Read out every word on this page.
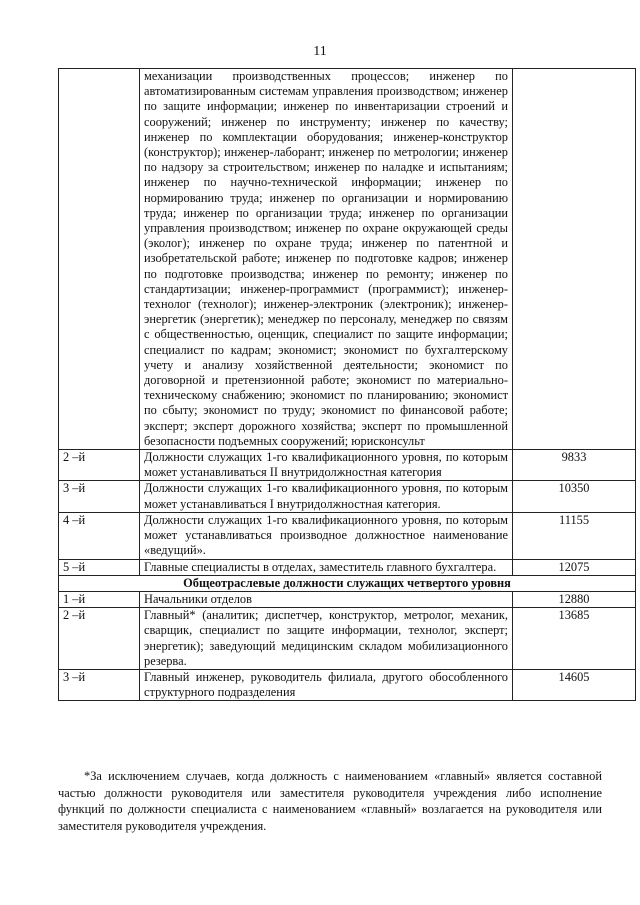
11
	механизации производственных процессов; инженер по автоматизированным системам управления производством; инженер по защите информации; инженер по инвентаризации строений и сооружений; инженер по инструменту; инженер по качеству; инженер по комплектации оборудования; инженер-конструктор (конструктор); инженер-лаборант; инженер по метрологии; инженер по надзору за строительством; инженер по наладке и испытаниям; инженер по научно-технической информации; инженер по нормированию труда; инженер по организации и нормированию труда; инженер по организации труда; инженер по организации управления производством; инженер по охране окружающей среды (эколог); инженер по охране труда; инженер по патентной и изобретательской работе; инженер по подготовке кадров; инженер по подготовке производства; инженер по ремонту; инженер по стандартизации; инженер-программист (программист); инженер-технолог (технолог); инженер-электроник (электроник); инженер-энергетик (энергетик); менеджер по персоналу, менеджер по связям с общественностью, оценщик, специалист по защите информации; специалист по кадрам; экономист; экономист по бухгалтерскому учету и анализу хозяйственной деятельности; экономист по договорной и претензионной работе; экономист по материально-техническому снабжению; экономист по планированию; экономист по сбыту; экономист по труду; экономист по финансовой работе; эксперт; эксперт дорожного хозяйства; эксперт по промышленной безопасности подъемных сооружений; юрисконсульт	
2 –й	Должности служащих 1-го квалификационного уровня, по которым может устанавливаться II внутридолжностная категория	9833
3 –й	Должности служащих 1-го квалификационного уровня, по которым может устанавливаться I внутридолжностная категория.	10350
4 –й	Должности служащих 1-го квалификационного уровня, по которым может устанавливаться производное должностное наименование «ведущий».	11155
5 –й	Главные специалисты в отделах, заместитель главного бухгалтера.	12075
Общеотраслевые должности служащих четвертого уровня		
1 –й	Начальники отделов	12880
2 –й	Главный* (аналитик; диспетчер, конструктор, метролог, механик, сварщик, специалист по защите информации, технолог, эксперт; энергетик); заведующий медицинским складом мобилизационного резерва.	13685
3 –й	Главный инженер, руководитель филиала, другого обособленного структурного подразделения	14605
*За исключением случаев, когда должность с наименованием «главный» является составной частью должности руководителя или заместителя руководителя учреждения либо исполнение функций по должности специалиста с наименованием «главный» возлагается на руководителя или заместителя руководителя учреждения.
